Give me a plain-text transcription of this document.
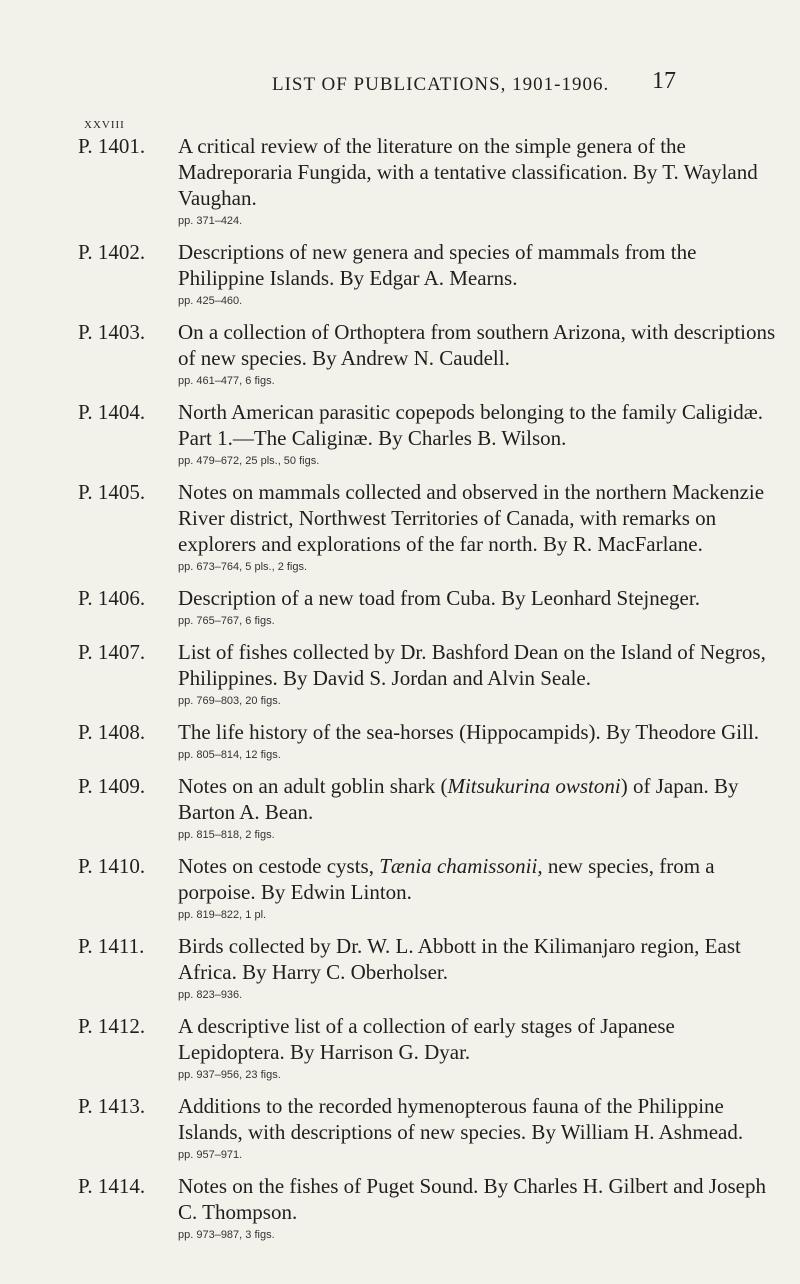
LIST OF PUBLICATIONS, 1901-1906. 17
XXVIII
P. 1401. A critical review of the literature on the simple genera of the Madreporaria Fungida, with a tentative classification. By T. Wayland Vaughan.
pp. 371–424.
P. 1402. Descriptions of new genera and species of mammals from the Philippine Islands. By Edgar A. Mearns.
pp. 425–460.
P. 1403. On a collection of Orthoptera from southern Arizona, with descriptions of new species. By Andrew N. Caudell.
pp. 461–477, 6 figs.
P. 1404. North American parasitic copepods belonging to the family Caligidæ. Part 1.—The Caliginæ. By Charles B. Wilson.
pp. 479–672, 25 pls., 50 figs.
P. 1405. Notes on mammals collected and observed in the northern Mackenzie River district, Northwest Territories of Canada, with remarks on explorers and explorations of the far north. By R. MacFarlane.
pp. 673–764, 5 pls., 2 figs.
P. 1406. Description of a new toad from Cuba. By Leonhard Stejneger.
pp. 765–767, 6 figs.
P. 1407. List of fishes collected by Dr. Bashford Dean on the Island of Negros, Philippines. By David S. Jordan and Alvin Seale.
pp. 769–803, 20 figs.
P. 1408. The life history of the sea-horses (Hippocampids). By Theodore Gill.
pp. 805–814, 12 figs.
P. 1409. Notes on an adult goblin shark (Mitsukurina owstoni) of Japan. By Barton A. Bean.
pp. 815–818, 2 figs.
P. 1410. Notes on cestode cysts, Tænia chamissonii, new species, from a porpoise. By Edwin Linton.
pp. 819–822, 1 pl.
P. 1411. Birds collected by Dr. W. L. Abbott in the Kilimanjaro region, East Africa. By Harry C. Oberholser.
pp. 823–936.
P. 1412. A descriptive list of a collection of early stages of Japanese Lepidoptera. By Harrison G. Dyar.
pp. 937–956, 23 figs.
P. 1413. Additions to the recorded hymenopterous fauna of the Philippine Islands, with descriptions of new species. By William H. Ashmead.
pp. 957–971.
P. 1414. Notes on the fishes of Puget Sound. By Charles H. Gilbert and Joseph C. Thompson.
pp. 973–987, 3 figs.
